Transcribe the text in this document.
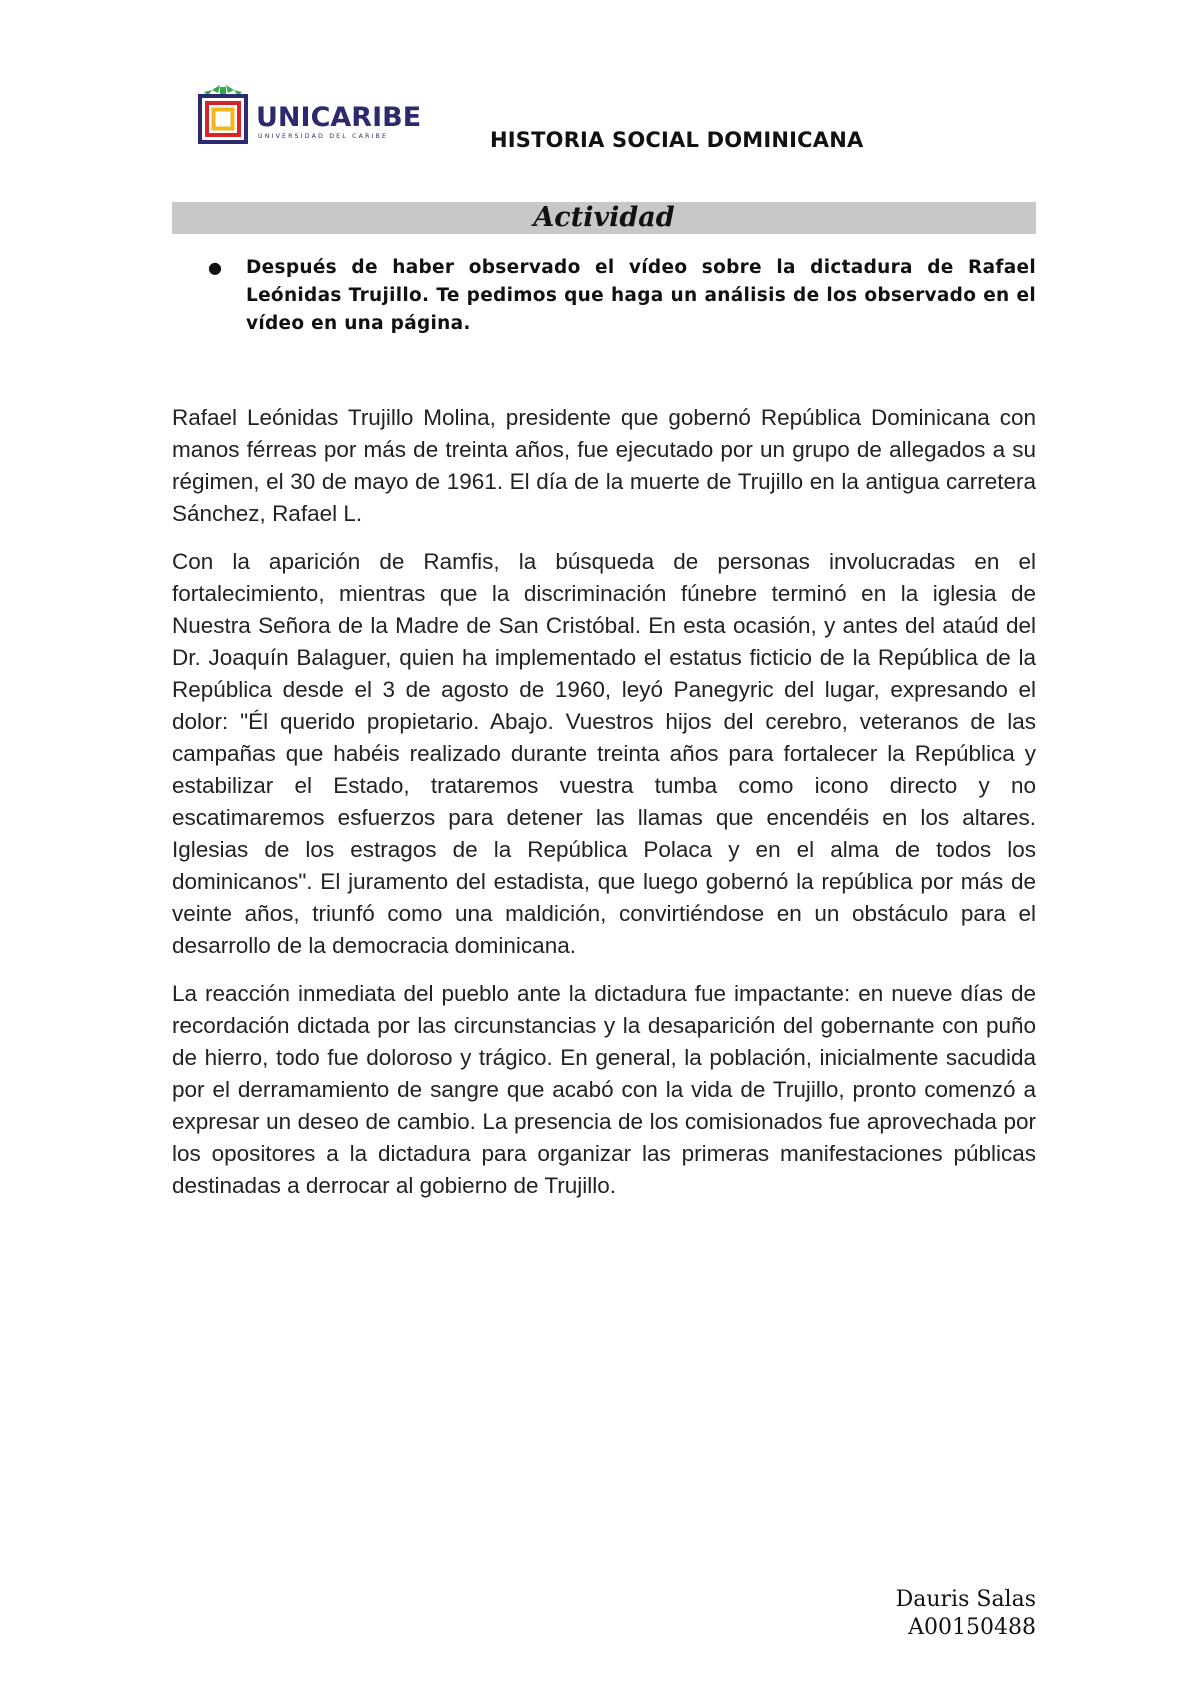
UNICARIBE
UNIVERSIDAD DEL CARIBE	HISTORIA SOCIAL DOMINICANA
Actividad
●	Después de haber observado el vídeo sobre la dictadura de Rafael Leónidas Trujillo. Te pedimos que haga un análisis de los observado en el vídeo en una página.

Rafael Leónidas Trujillo Molina, presidente que gobernó República Dominicana con manos férreas por más de treinta años, fue ejecutado por un grupo de allegados a su régimen, el 30 de mayo de 1961. El día de la muerte de Trujillo en la antigua carretera Sánchez, Rafael L.

Con la aparición de Ramfis, la búsqueda de personas involucradas en el fortalecimiento, mientras que la discriminación fúnebre terminó en la iglesia de Nuestra Señora de la Madre de San Cristóbal. En esta ocasión, y antes del ataúd del Dr. Joaquín Balaguer, quien ha implementado el estatus ficticio de la República de la República desde el 3 de agosto de 1960, leyó Panegyric del lugar, expresando el dolor: "Él querido propietario. Abajo. Vuestros hijos del cerebro, veteranos de las campañas que habéis realizado durante treinta años para fortalecer la República y estabilizar el Estado, trataremos vuestra tumba como icono directo y no escatimaremos esfuerzos para detener las llamas que encendéis en los altares. Iglesias de los estragos de la República Polaca y en el alma de todos los dominicanos". El juramento del estadista, que luego gobernó la república por más de veinte años, triunfó como una maldición, convirtiéndose en un obstáculo para el desarrollo de la democracia dominicana.

La reacción inmediata del pueblo ante la dictadura fue impactante: en nueve días de recordación dictada por las circunstancias y la desaparición del gobernante con puño de hierro, todo fue doloroso y trágico. En general, la población, inicialmente sacudida por el derramamiento de sangre que acabó con la vida de Trujillo, pronto comenzó a expresar un deseo de cambio. La presencia de los comisionados fue aprovechada por los opositores a la dictadura para organizar las primeras manifestaciones públicas destinadas a derrocar al gobierno de Trujillo.

Dauris Salas
A00150488
